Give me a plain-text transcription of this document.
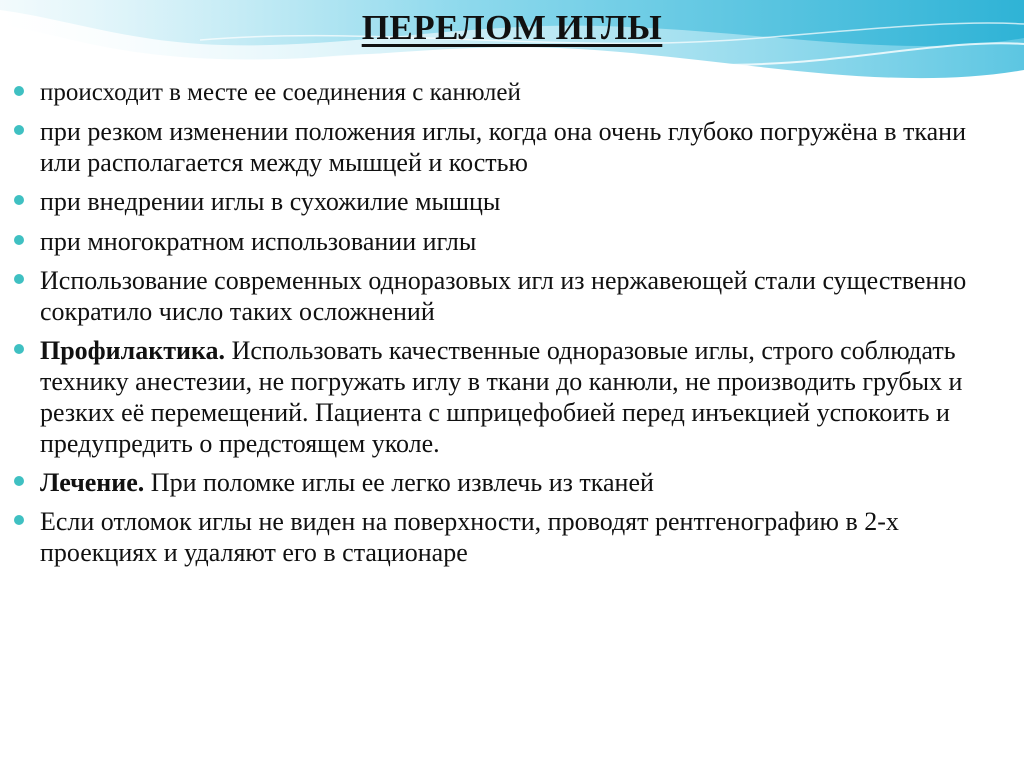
ПЕРЕЛОМ ИГЛЫ
происходит в месте ее соединения с канюлей
при резком изменении положения иглы, когда она очень глубоко погружёна в ткани или располагается между мышцей и костью
при внедрении иглы в сухожилие мышцы
при многократном использовании иглы
Использование современных одноразовых игл из нержавеющей стали существенно сократило число таких осложнений
Профилактика. Использовать качественные одноразовые иглы, строго соблюдать технику анестезии, не погружать иглу в ткани до канюли, не производить грубых и резких её перемещений. Пациента с шприцефобией перед инъекцией успокоить и предупредить о предстоящем уколе.
Лечение. При поломке иглы ее легко извлечь из тканей
Если отломок иглы не виден на поверхности, проводят рентгенографию в 2-х проекциях и удаляют его в стационаре
